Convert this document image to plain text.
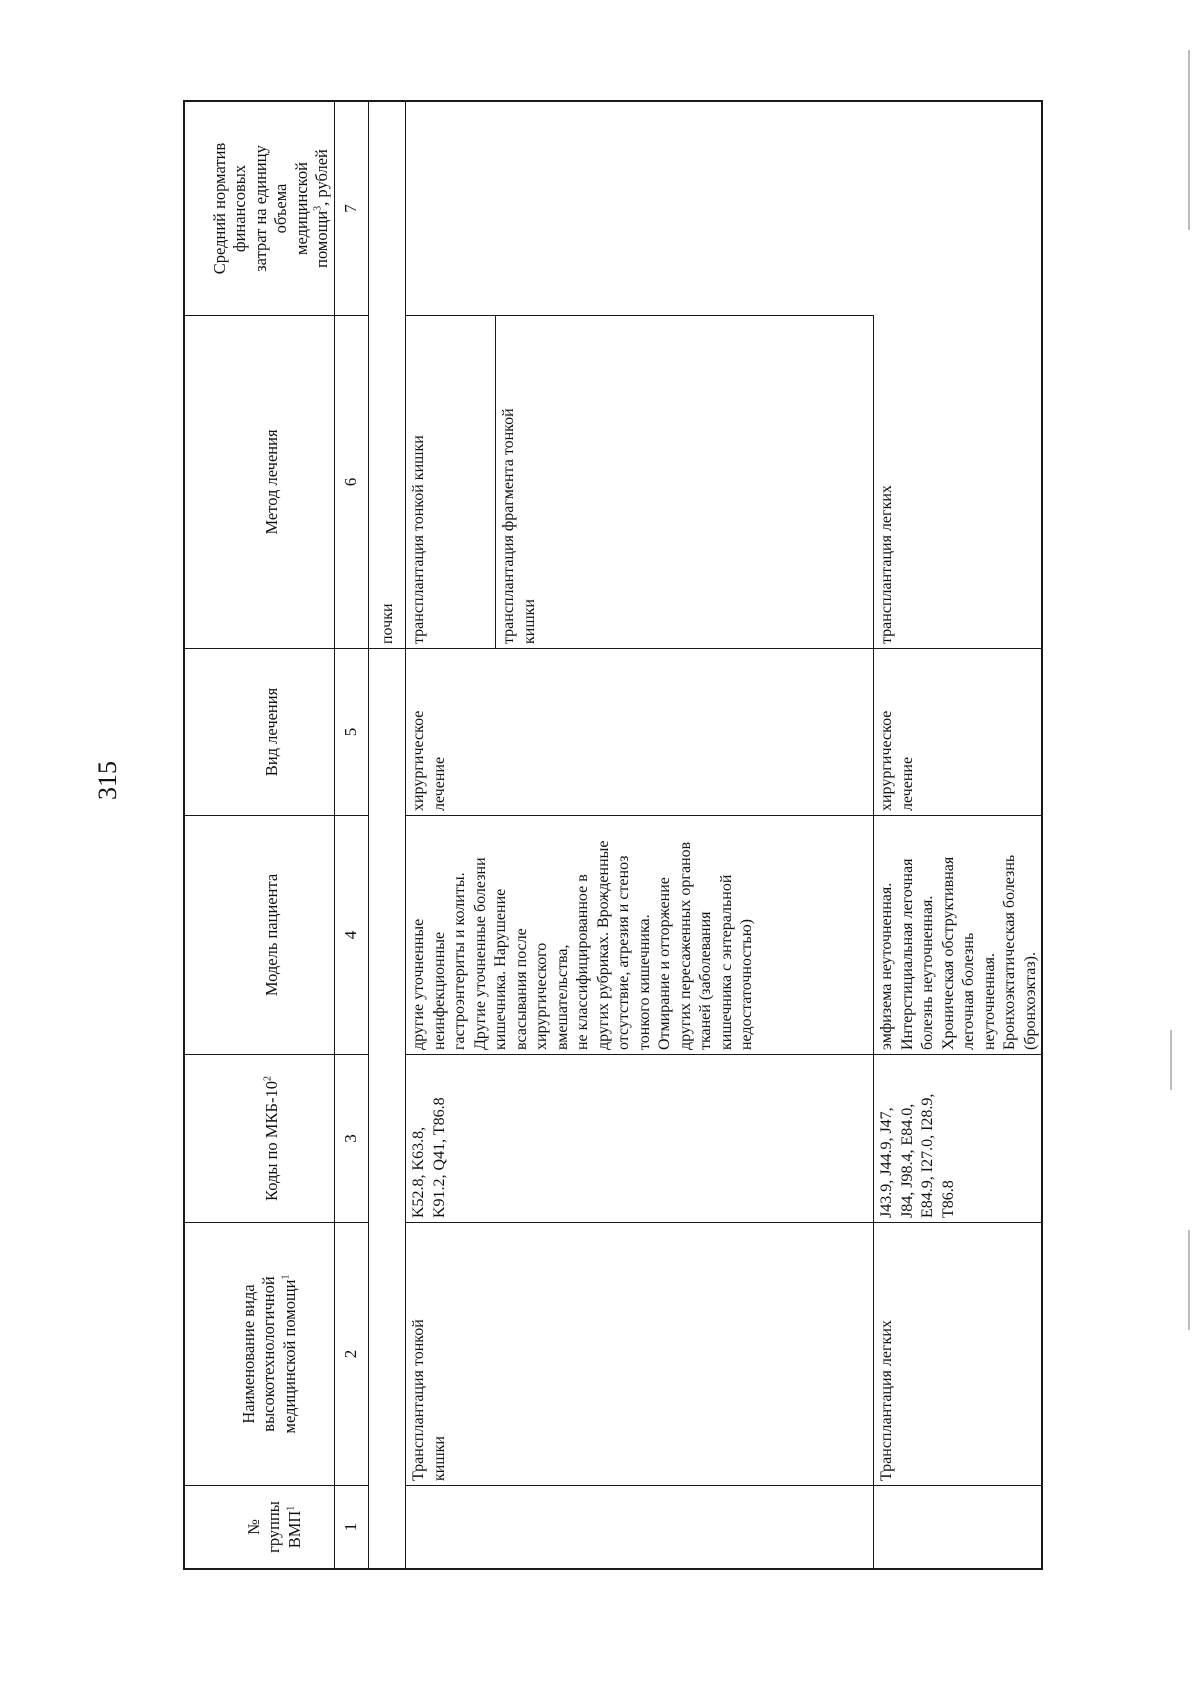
315

№
группы
ВМП$^1$

Наименование вида
высокотехнологичной
медицинской помощи$^1$

Коды по МКБ-$10^2$

Модель пациента

Вид лечения

Метод лечения

Средний норматив
финансовых
затрат на единицу
объема
медицинской
помощи$^3$, рублей

1
2
3
4
5
6
7
почки
Трансплантация тонкой
кишки
K52.8, K63.8,
K91.2, Q41, T86.8
другие уточненные
неинфекционные
гастроэнтериты и колиты.
Другие уточненные болезни
кишечника. Нарушение
всасывания после
хирургического
вмешательства,
не классифицированное в
других рубриках. Врожденные
отсутствие, атрезия и стеноз
тонкого кишечника.
Отмирание и отторжение
других пересаженных органов
тканей (заболевания
кишечника с энтеральной
недостаточностью)
хирургическое
лечение
трансплантация тонкой кишки	трансплантация фрагмента тонкой
кишки
Трансплантация легких
J43.9, J44.9, J47,
J84, J98.4, E84.0,
E84.9, I27.0, I28.9,
T86.8
эмфизема неуточненная.
Интерстициальная легочная
болезнь неуточненная.
Хроническая обструктивная
легочная болезнь
неуточненная.
Бронхоэктатическая болезнь
(бронхоэктаз).
хирургическое
лечение
трансплантация легких
